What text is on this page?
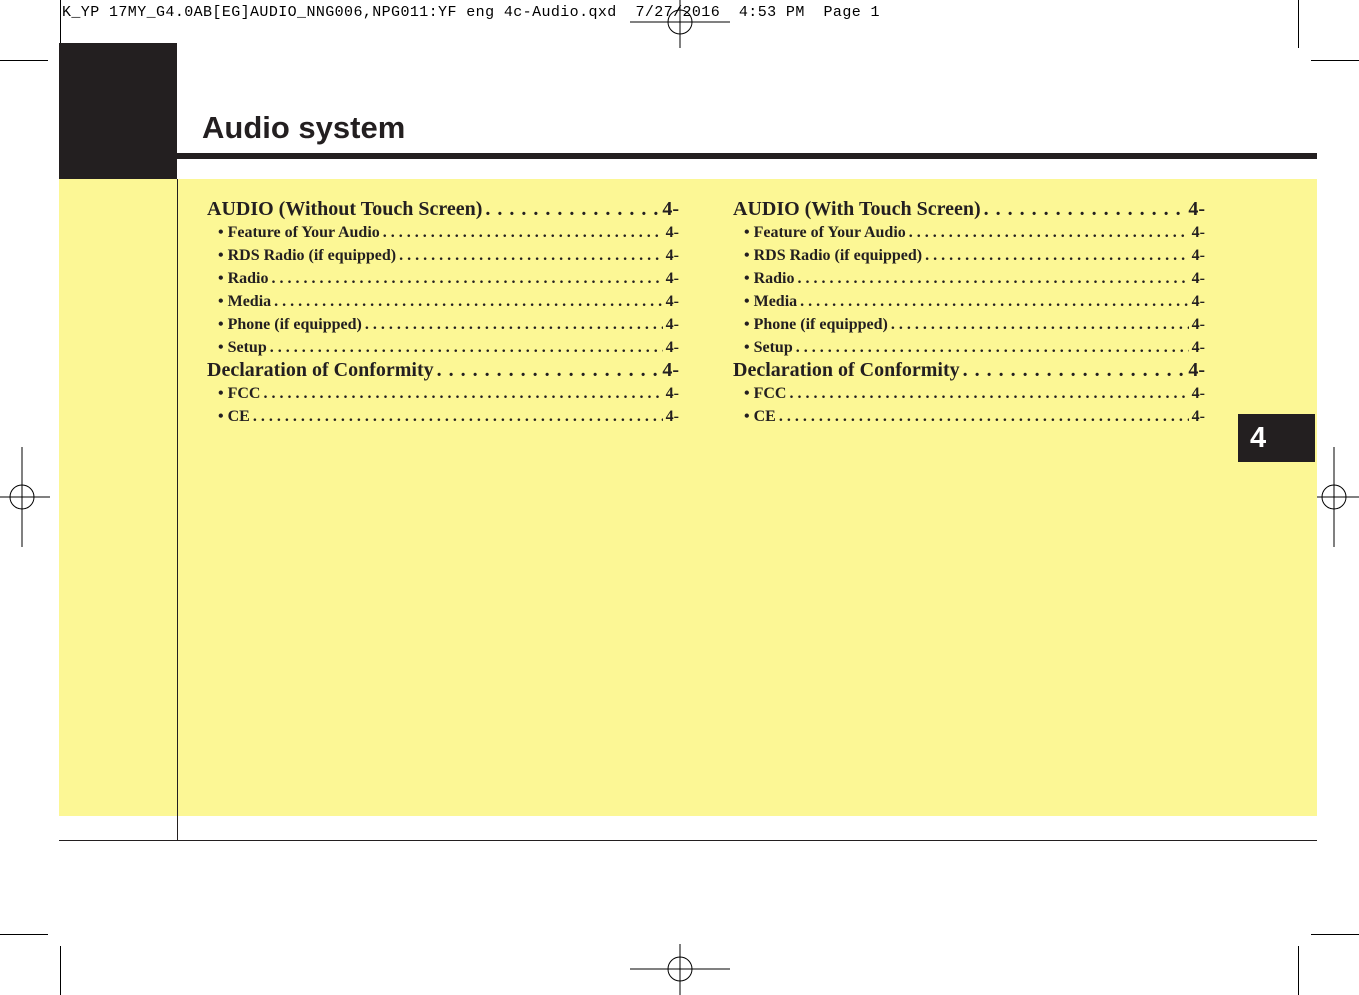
K_YP 17MY_G4.0AB[EG]AUDIO_NNG006,NPG011:YF eng 4c-Audio.qxd  7/27/2016  4:53 PM  Page 1
Audio system
4
AUDIO (Without Touch Screen) . . .	4-
• Feature of Your Audio . . .	4-
• RDS Radio (if equipped) . . .	4-
• Radio . . .	4-
• Media . . .	4-
• Phone (if equipped) . . .	4-
• Setup . . .	4-
Declaration of Conformity . . .	4-
• FCC . . .	4-
• CE . . .	4-
AUDIO (With Touch Screen) . . .	4-
• Feature of Your Audio . . .	4-
• RDS Radio (if equipped) . . .	4-
• Radio . . .	4-
• Media . . .	4-
• Phone (if equipped) . . .	4-
• Setup . . .	4-
Declaration of Conformity . . .	4-
• FCC . . .	4-
• CE . . .	4-
